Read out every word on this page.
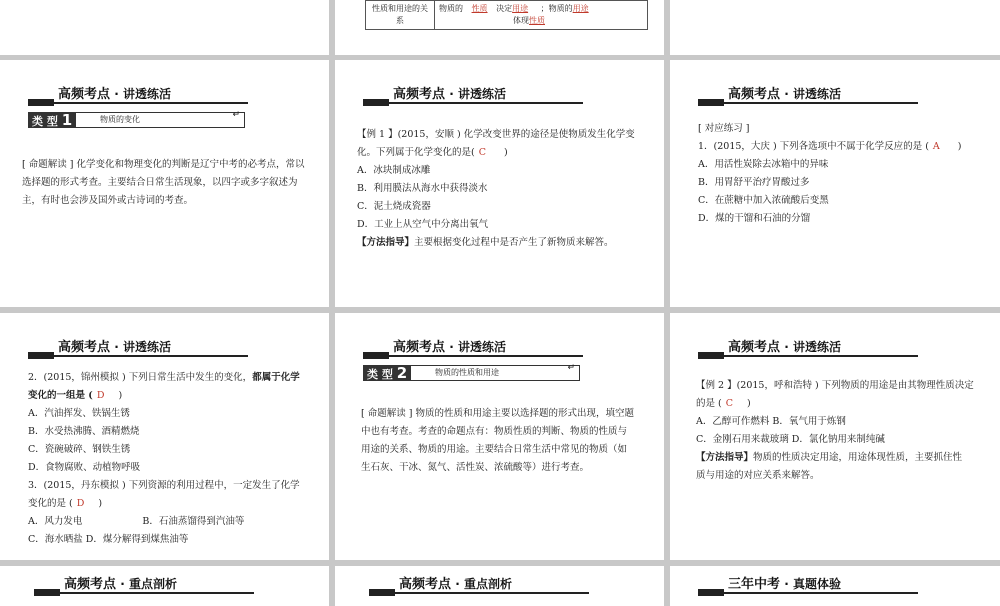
性质和用途的关系	物质的 性质 决定用途 ；物质的用途
体现性质
高频考点 · 讲透练活
类 型 1	物质的变化	↵

[ 命题解读 ] 化学变化和物理变化的判断是辽宁中考的必考点，常以

选择题的形式考查。主要结合日常生活现象，以四字或多字叙述为

主，有时也会涉及国外或古诗词的考查。

高频考点 · 讲透练活

【例 1 】(2015，安顺 ) 化学改变世界的途径是使物质发生化学变

化。下列属于化学变化的是( C )

A．冰块制成冰雕

B．利用膜法从海水中获得淡水

C．泥土烧成瓷器

D．工业上从空气中分离出氧气

【方法指导】主要根据变化过程中是否产生了新物质来解答。

高频考点 · 讲透练活

[ 对应练习 ]

1．(2015，大庆 ) 下列各选项中不属于化学反应的是 ( A )

A．用活性炭除去冰箱中的异味

B．用胃舒平治疗胃酸过多

C．在蔗糖中加入浓硫酸后变黑

D．煤的干馏和石油的分馏

高频考点 · 讲透练活

2．(2015，锦州模拟 ) 下列日常生活中发生的变化，都属于化学

变化的一组是 ( D )

A．汽油挥发、铁锅生锈

B．水受热沸腾、酒精燃烧

C．瓷碗破碎、钢铁生锈

D．食物腐败、动植物呼吸

3．(2015，丹东模拟 ) 下列资源的利用过程中，一定发生了化学

变化的是 ( D )

A．风力发电	B．石油蒸馏得到汽油等

C．海水晒盐 D．煤分解得到煤焦油等

高频考点 · 讲透练活
类 型 2	物质的性质和用途	↵

[ 命题解读 ] 物质的性质和用途主要以选择题的形式出现，填空题

中也有考查。考查的命题点有：物质性质的判断、物质的性质与

用途的关系、物质的用途。主要结合日常生活中常见的物质（如

生石灰、干冰、氮气、活性炭、浓硫酸等）进行考查。

高频考点 · 讲透练活

【例 2 】(2015，呼和浩特 ) 下列物质的用途是由其物理性质决定

的是 ( C )

A．乙醇可作燃料 B．氧气用于炼钢

C．金刚石用来裁玻璃 D．氯化钠用来制纯碱

【方法指导】物质的性质决定用途，用途体现性质，主要抓住性

质与用途的对应关系来解答。

高频考点 · 重点剖析	高频考点 · 重点剖析	三年中考 · 真题体验
